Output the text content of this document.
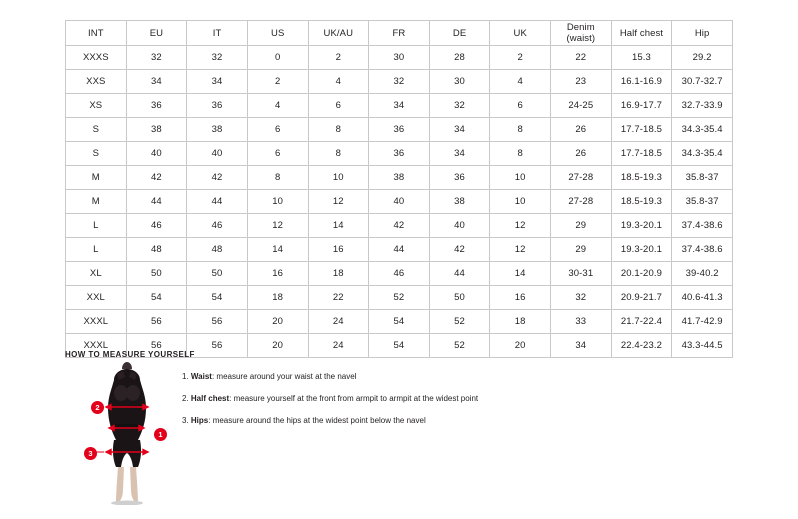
INT	EU	IT	US	UK/AU	FR	DE	UK	Denim (waist)	Half chest	Hip
XXXS	32	32	0	2	30	28	2	22	15.3	29.2
XXS	34	34	2	4	32	30	4	23	16.1-16.9	30.7-32.7
XS	36	36	4	6	34	32	6	24-25	16.9-17.7	32.7-33.9
S	38	38	6	8	36	34	8	26	17.7-18.5	34.3-35.4
S	40	40	6	8	36	34	8	26	17.7-18.5	34.3-35.4
M	42	42	8	10	38	36	10	27-28	18.5-19.3	35.8-37
M	44	44	10	12	40	38	10	27-28	18.5-19.3	35.8-37
L	46	46	12	14	42	40	12	29	19.3-20.1	37.4-38.6
L	48	48	14	16	44	42	12	29	19.3-20.1	37.4-38.6
XL	50	50	16	18	46	44	14	30-31	20.1-20.9	39-40.2
XXL	54	54	18	22	52	50	16	32	20.9-21.7	40.6-41.3
XXXL	56	56	20	24	54	52	18	33	21.7-22.4	41.7-42.9
XXXL	56	56	20	24	54	52	20	34	22.4-23.2	43.3-44.5
HOW TO MEASURE YOURSELF
1. Waist: measure around your waist at the navel
2. Half chest: measure yourself at the front from armpit to armpit at the widest point
3. Hips: measure around the hips at the widest point below the navel
1
2
3
